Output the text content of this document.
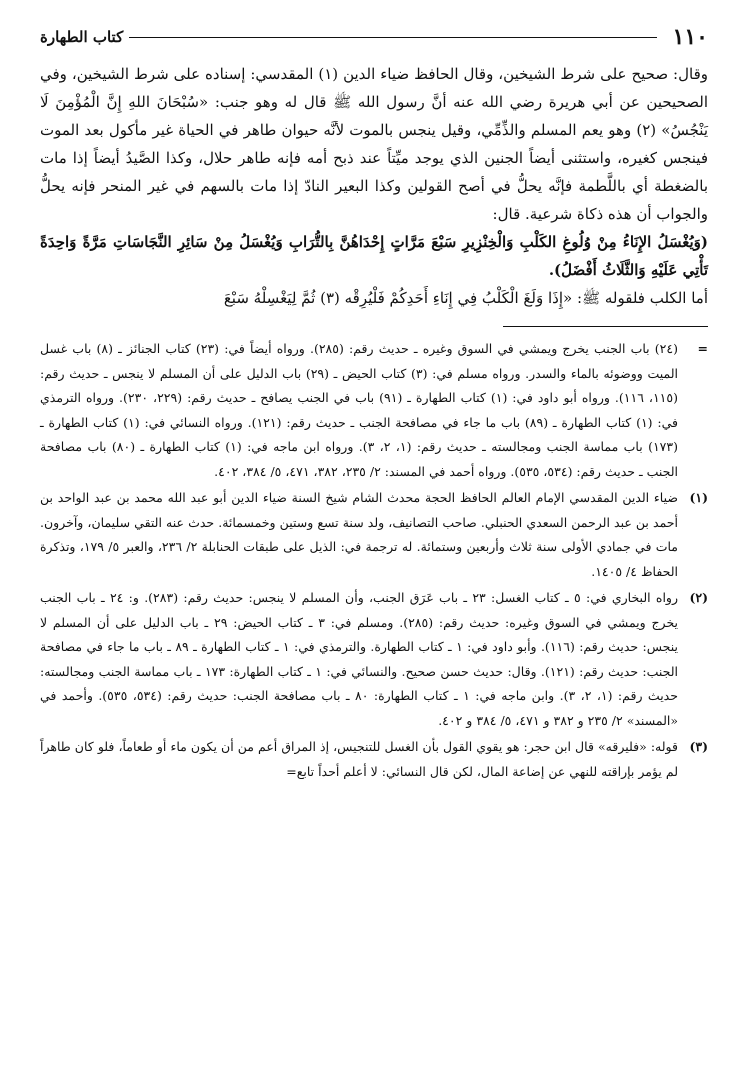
١١٠
كتاب الطهارة

وقال: صحيح على شرط الشيخين، وقال الحافظ ضياء الدين (١) المقدسي: إسناده على شرط الشيخين، وفي الصحيحين عن أبي هريرة رضي الله عنه أنَّ رسول الله ﷺ قال له وهو جنب: «سُبْحَانَ اللهِ إِنَّ الْمُؤْمِنَ لَا يَنْجُسُ» (٢) وهو يعم المسلم والذِّمِّي، وقيل ينجس بالموت لأنَّه حيوان طاهر في الحياة غير مأكول بعد الموت فينجس كغيره، واستثنى أيضاً الجنين الذي يوجد ميِّتاً عند ذبح أمه فإنه طاهر حلال، وكذا الصَّيدُ أيضاً إذا مات بالضغطة أي باللَّطمة فإنَّه يحلُّ في أصح القولين وكذا البعير النادّ إذا مات بالسهم في غير المنحر فإنه يحلُّ والجواب أن هذه ذكاة شرعية. قال:

(وَيُغْسَلُ الإِنَاءُ مِنْ وُلُوغِ الكَلْبِ وَالْخِنْزِيرِ سَبْعَ مَرَّاتٍ إِحْدَاهُنَّ بِالتُّرَابِ وَيُغْسَلُ مِنْ سَائِرِ النَّجَاسَاتِ مَرَّةً وَاحِدَةً تَأْتِي عَلَيْهِ وَالثَّلَاثُ أَفْضَلُ).

أما الكلب فلقوله ﷺ: «إِذَا وَلَغَ الْكَلْبُ فِي إِنَاءِ أَحَدِكُمْ فَلْيُرِقْه (٣) ثُمَّ لِيَغْسِلْهُ سَبْعَ

=

(٢٤) باب الجنب يخرج ويمشي في السوق وغيره ـ حديث رقم: (٢٨٥). ورواه أيضاً في: (٢٣) كتاب الجنائز ـ (٨) باب غسل الميت ووضوئه بالماء والسدر. ورواه مسلم في: (٣) كتاب الحيض ـ (٢٩) باب الدليل على أن المسلم لا ينجس ـ حديث رقم: (١١٥، ١١٦). ورواه أبو داود في: (١) كتاب الطهارة ـ (٩١) باب في الجنب يصافح ـ حديث رقم: (٢٢٩، ٢٣٠). ورواه الترمذي في: (١) كتاب الطهارة ـ (٨٩) باب ما جاء في مصافحة الجنب ـ حديث رقم: (١٢١). ورواه النسائي في: (١) كتاب الطهارة ـ (١٧٣) باب مماسة الجنب ومجالسته ـ حديث رقم: (١، ٢، ٣). ورواه ابن ماجه في: (١) كتاب الطهارة ـ (٨٠) باب مصافحة الجنب ـ حديث رقم: (٥٣٤، ٥٣٥). ورواه أحمد في المسند: ٢/ ٢٣٥، ٣٨٢، ٤٧١، ٥/ ٣٨٤، ٤٠٢.

(١)

ضياء الدين المقدسي الإمام العالم الحافظ الحجة محدث الشام شيخ السنة ضياء الدين أبو عبد الله محمد بن عبد الواحد بن أحمد بن عبد الرحمن السعدي الحنبلي. صاحب التصانيف، ولد سنة تسع وستين وخمسمائة. حدث عنه التقي سليمان، وآخرون. مات في جمادي الأولى سنة ثلاث وأربعين وستمائة. له ترجمة في: الذيل على طبقات الحنابلة ٢/ ٢٣٦، والعبر ٥/ ١٧٩، وتذكرة الحفاظ ٤/ ١٤٠٥.

(٢)

رواه البخاري في: ٥ ـ كتاب الغسل: ٢٣ ـ باب عَرَق الجنب، وأن المسلم لا ينجس: حديث رقم: (٢٨٣). و: ٢٤ ـ باب الجنب يخرج ويمشي في السوق وغيره: حديث رقم: (٢٨٥). ومسلم في: ٣ ـ كتاب الحيض: ٢٩ ـ باب الدليل على أن المسلم لا ينجس: حديث رقم: (١١٦). وأبو داود في: ١ ـ كتاب الطهارة. والترمذي في: ١ ـ كتاب الطهارة ـ ٨٩ ـ باب ما جاء في مصافحة الجنب: حديث رقم: (١٢١). وقال: حديث حسن صحيح. والنسائي في: ١ ـ كتاب الطهارة: ١٧٣ ـ باب مماسة الجنب ومجالسته: حديث رقم: (١، ٢، ٣). وابن ماجه في: ١ ـ كتاب الطهارة: ٨٠ ـ باب مصافحة الجنب: حديث رقم: (٥٣٤، ٥٣٥). وأحمد في «المسند» ٢/ ٢٣٥ و ٣٨٢ و ٤٧١، ٥/ ٣٨٤ و ٤٠٢.

(٣)

قوله: «فليرقه» قال ابن حجر: هو يقوي القول بأن الغسل للتنجيس، إذ المراق أعم من أن يكون ماء أو طعاماً، فلو كان طاهراً لم يؤمر بإراقته للنهي عن إضاعة المال، لكن قال النسائي: لا أعلم أحداً تابع=
